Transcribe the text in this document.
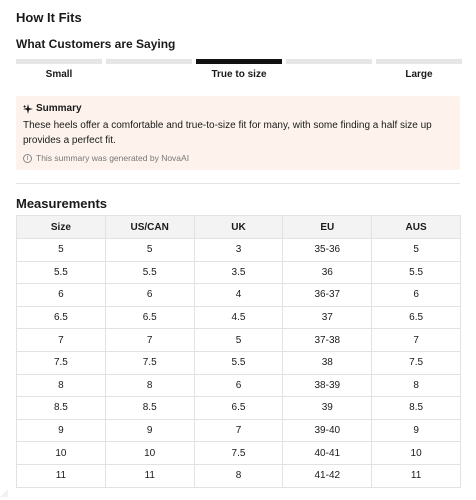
How It Fits
What Customers are Saying
Small	True to size	Large
Summary
These heels offer a comfortable and true-to-size fit for many, with some finding a half size up provides a perfect fit.
i This summary was generated by NovaAI
Measurements
Size	US/CAN	UK	EU	AUS
5	5	3	35-36	5
5.5	5.5	3.5	36	5.5
6	6	4	36-37	6
6.5	6.5	4.5	37	6.5
7	7	5	37-38	7
7.5	7.5	5.5	38	7.5
8	8	6	38-39	8
8.5	8.5	6.5	39	8.5
9	9	7	39-40	9
10	10	7.5	40-41	10
11	11	8	41-42	11
